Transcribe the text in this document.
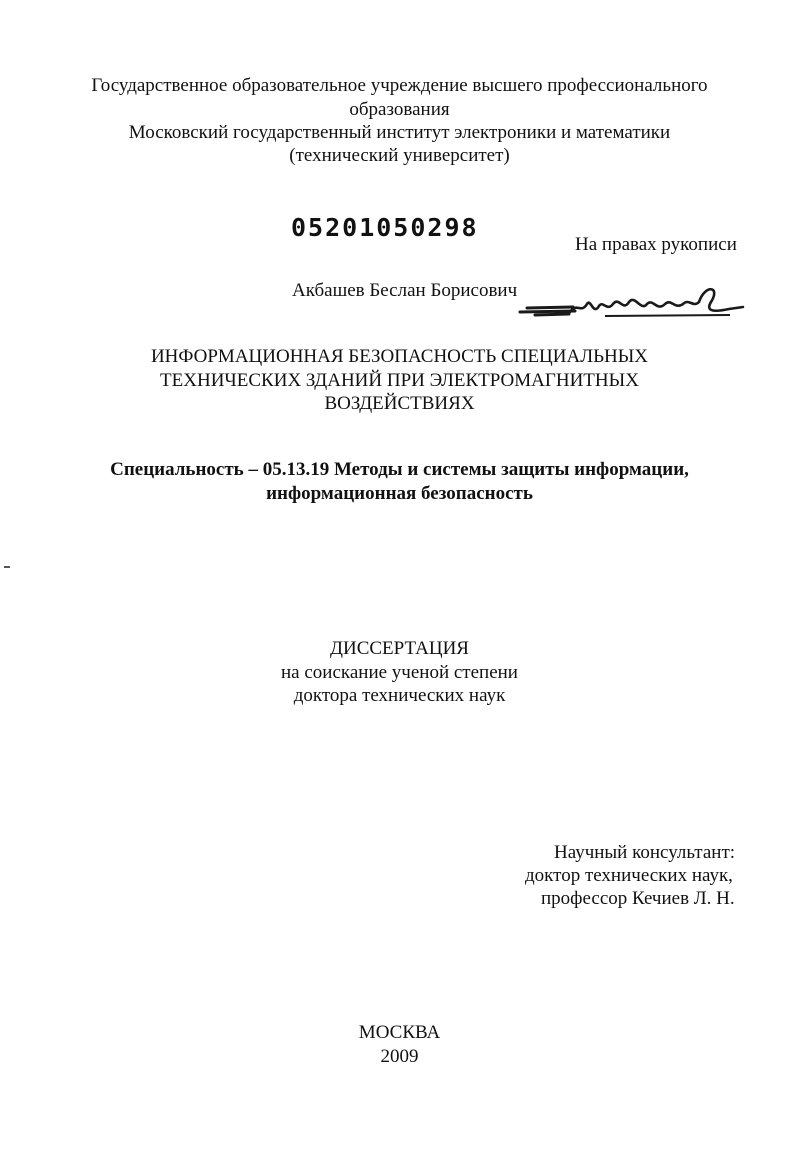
Государственное образовательное учреждение высшего профессионального
образования
Московский государственный институт электроники и математики
(технический университет)
05201050298
На правах рукописи
Акбашев Беслан Борисович
ИНФОРМАЦИОННАЯ БЕЗОПАСНОСТЬ СПЕЦИАЛЬНЫХ
ТЕХНИЧЕСКИХ ЗДАНИЙ ПРИ ЭЛЕКТРОМАГНИТНЫХ
ВОЗДЕЙСТВИЯХ
Специальность – 05.13.19 Методы и системы защиты информации,
информационная безопасность
ДИССЕРТАЦИЯ
на соискание ученой степени
доктора технических наук
Научный консультант:
доктор технических наук,
профессор Кечиев Л. Н.
МОСКВА
2009
